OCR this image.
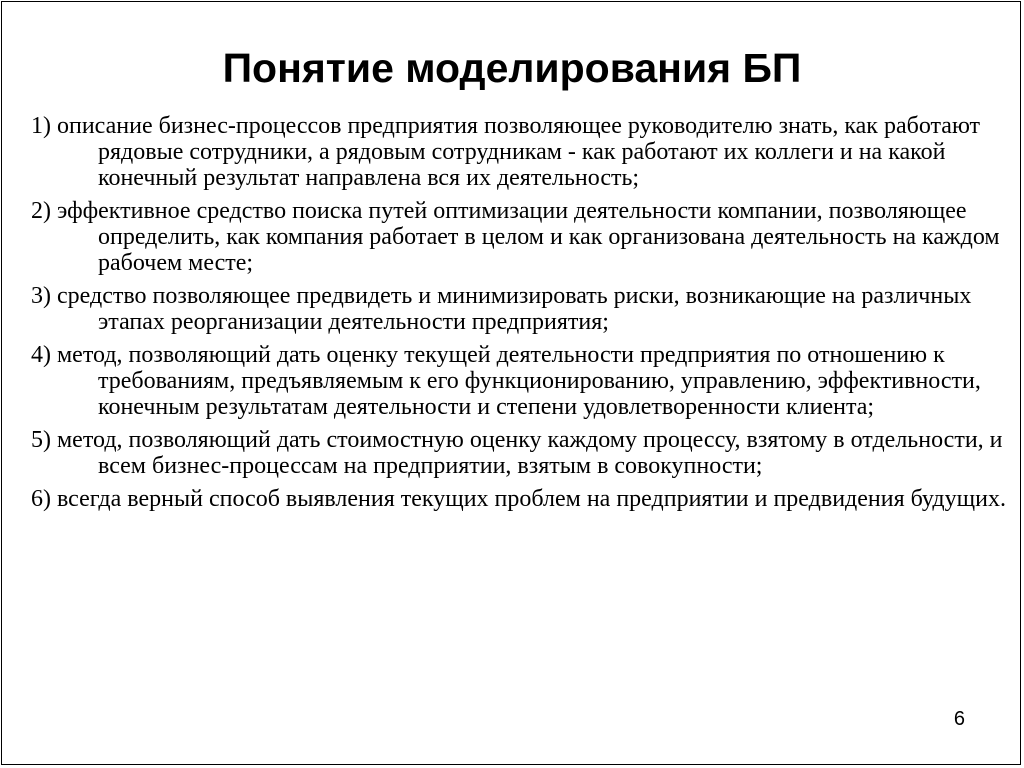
Понятие моделирования БП
1) описание бизнес-процессов предприятия позволяющее руководителю знать, как работают рядовые сотрудники, а рядовым сотрудникам - как работают их коллеги и на какой конечный результат направлена вся их деятельность;
2) эффективное средство поиска путей оптимизации деятельности компании, позволяющее определить, как компания работает в целом и как организована деятельность на каждом рабочем месте;
3) средство позволяющее предвидеть и минимизировать риски, возникающие на различных этапах реорганизации деятельности предприятия;
4) метод, позволяющий дать оценку текущей деятельности предприятия по отношению к требованиям, предъявляемым к его функционированию, управлению, эффективности, конечным результатам деятельности и степени удовлетворенности клиента;
5) метод, позволяющий дать стоимостную оценку каждому процессу, взятому в отдельности, и всем бизнес-процессам на предприятии, взятым в совокупности;
6) всегда верный способ выявления текущих проблем на предприятии и предвидения будущих.
6
